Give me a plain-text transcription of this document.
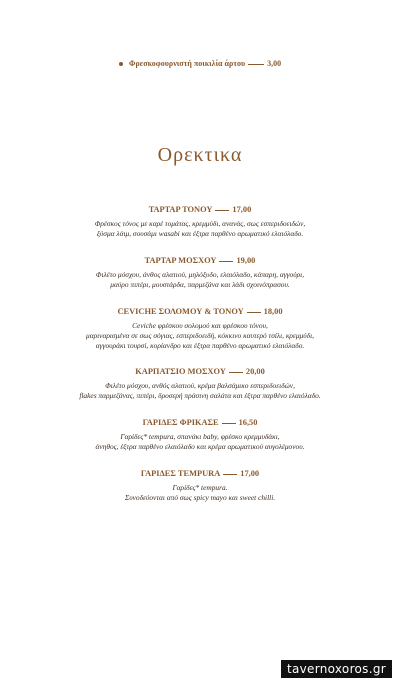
Φρεσκοφουρνιστή ποικιλία άρτου	3,00
Ορεκτικα
ΤΑΡΤΑΡ ΤΟΝΟΥ 17,00
Φρέσκος τόνος με καρέ τομάτας, κρεμμύδι, ανανάς, σως εσπεριδοειδών,
ξύσμα λάιμ, σουσάμι wasabi και έξτρα παρθένο αρωματικό ελαιόλαδο.
ΤΑΡΤΑΡ ΜΟΣΧΟΥ 19,00
Φιλέτο μόσχου, άνθος αλατιού, μηλόξυδο, ελαιόλαδο, κάπαρη, αγγούρι,
μαύρο πιπέρι, μουστάρδα, παρμεζάνα και λάδι σχοινόπρασου.
CEVICHE ΣΟΛΟΜΟΥ & ΤΟΝΟΥ 18,00
Ceviche φρέσκου σολομού και φρέσκου τόνου,
μαριναρισμένα σε σως σόγιας, εσπεριδοειδή, κόκκινο καυτερό τσίλι, κρεμμύδι,
αγγουράκι τουρσί, κορίανδρο και έξτρα παρθένο αρωματικό ελαιόλαδο.
ΚΑΡΠΑΤΣΙΟ ΜΟΣΧΟΥ 20,00
Φιλέτο μόσχου, ανθός αλατιού, κρέμα βαλσάμικο εσπεριδοειδών,
flakes παρμεζάνας, πιπέρι, δροσερή πράσινη σαλάτα και έξτρα παρθένο ελαιόλαδο.
ΓΑΡΙΔΕΣ ΦΡΙΚΑΣΕ 16,50
Γαρίδες* tempura, σπανάκι baby, φρέσκο κρεμμυδάκι,
άνηθος, έξτρα παρθένο ελαιόλαδο και κρέμα αρωματικού αυγολέμονου.
ΓΑΡΙΔΕΣ TEMPURA 17,00
Γαρίδες* tempura.
Συνοδεύονται από σως spicy mayo και sweet chilli.
tavernoxoros.gr
